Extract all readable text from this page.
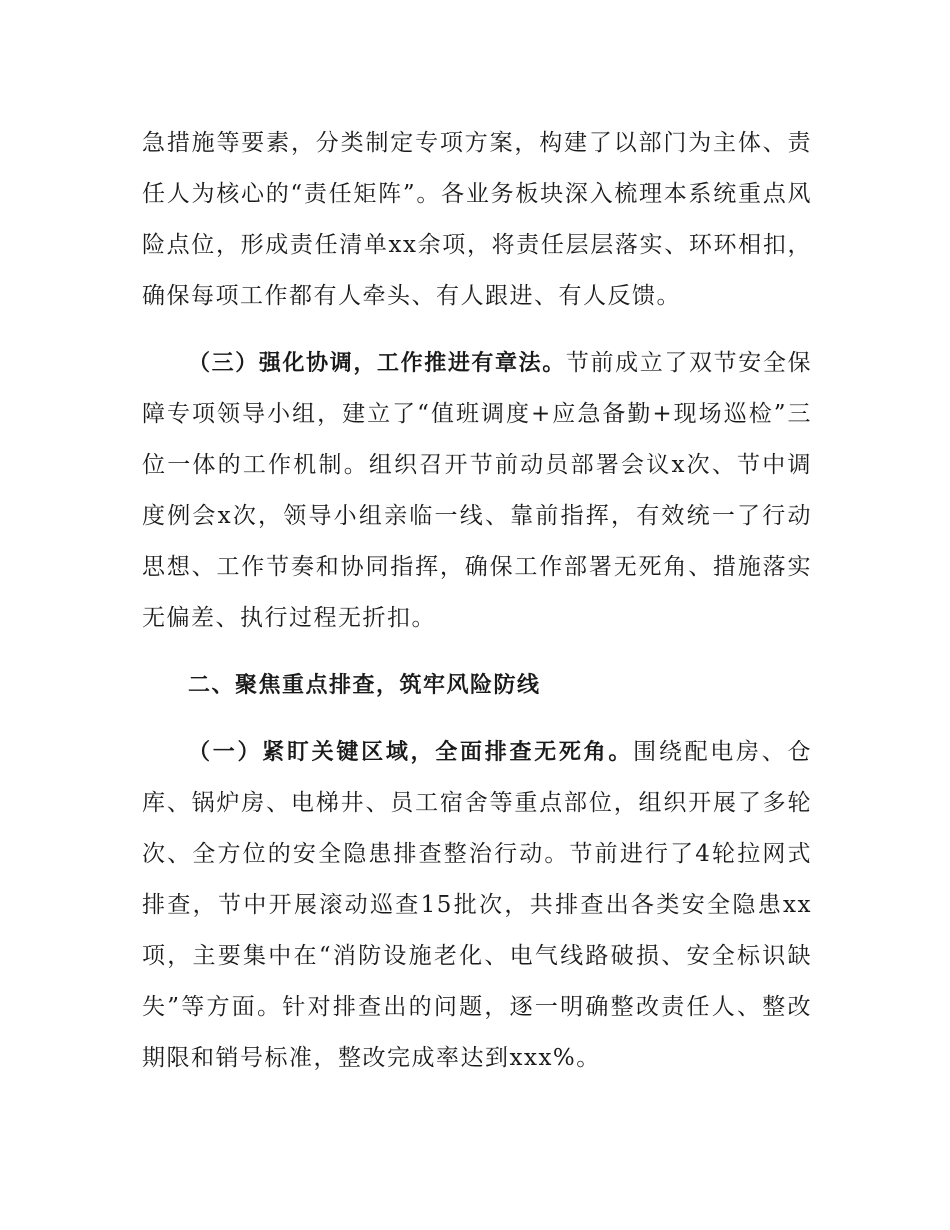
急措施等要素，分类制定专项方案，构建了以部门为主体、责任人为核心的“责任矩阵”。各业务板块深入梳理本系统重点风险点位，形成责任清单xx余项，将责任层层落实、环环相扣，确保每项工作都有人牵头、有人跟进、有人反馈。

（三）强化协调，工作推进有章法。节前成立了双节安全保障专项领导小组，建立了“值班调度+应急备勤+现场巡检”三位一体的工作机制。组织召开节前动员部署会议x次、节中调度例会x次，领导小组亲临一线、靠前指挥，有效统一了行动思想、工作节奏和协同指挥，确保工作部署无死角、措施落实无偏差、执行过程无折扣。

二、聚焦重点排查，筑牢风险防线

（一）紧盯关键区域，全面排查无死角。围绕配电房、仓库、锅炉房、电梯井、员工宿舍等重点部位，组织开展了多轮次、全方位的安全隐患排查整治行动。节前进行了4轮拉网式排查，节中开展滚动巡查15批次，共排查出各类安全隐患xx项，主要集中在“消防设施老化、电气线路破损、安全标识缺失”等方面。针对排查出的问题，逐一明确整改责任人、整改期限和销号标准，整改完成率达到xxx%。
